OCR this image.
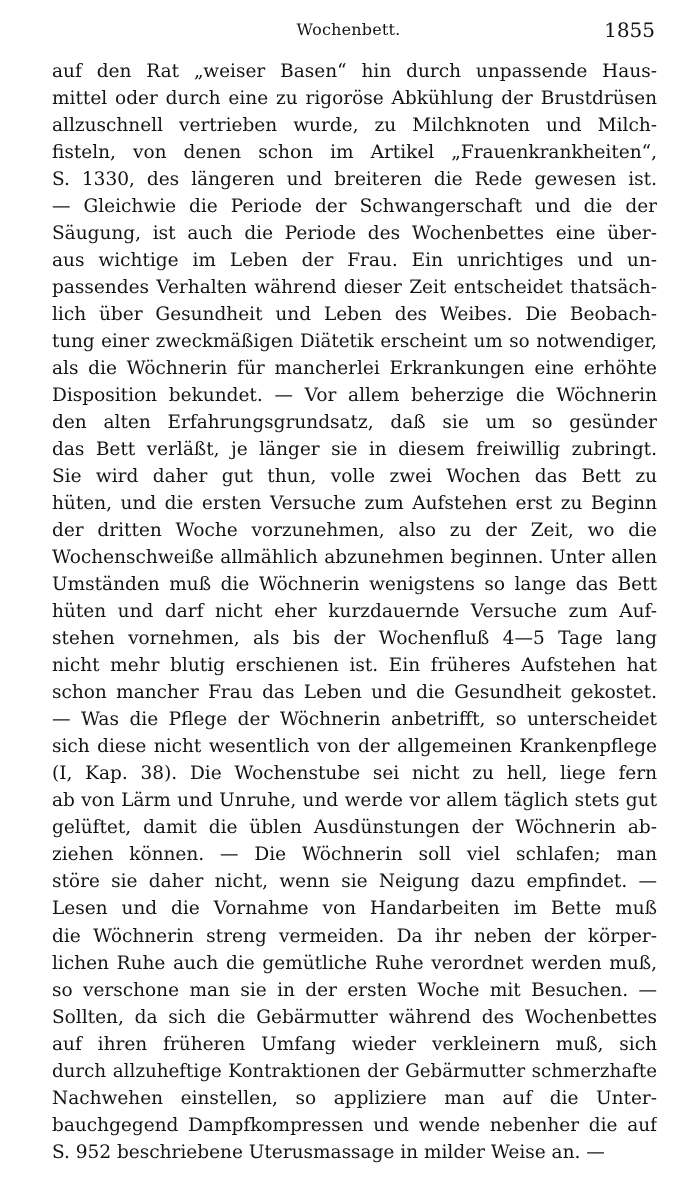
Wochenbett.	1855
auf den Rat „weiser Basen“ hin durch unpassende Haus-
mittel oder durch eine zu rigoröse Abkühlung der Brustdrüsen
allzuschnell vertrieben wurde, zu Milchknoten und Milch-
fisteln, von denen schon im Artikel „Frauenkrankheiten“,
S. 1330, des längeren und breiteren die Rede gewesen ist.
— Gleichwie die Periode der Schwangerschaft und die der
Säugung, ist auch die Periode des Wochenbettes eine über-
aus wichtige im Leben der Frau. Ein unrichtiges und un-
passendes Verhalten während dieser Zeit entscheidet thatsäch-
lich über Gesundheit und Leben des Weibes. Die Beobach-
tung einer zweckmäßigen Diätetik erscheint um so notwendiger,
als die Wöchnerin für mancherlei Erkrankungen eine erhöhte
Disposition bekundet. — Vor allem beherzige die Wöchnerin
den alten Erfahrungsgrundsatz, daß sie um so gesünder
das Bett verläßt, je länger sie in diesem freiwillig zubringt.
Sie wird daher gut thun, volle zwei Wochen das Bett zu
hüten, und die ersten Versuche zum Aufstehen erst zu Beginn
der dritten Woche vorzunehmen, also zu der Zeit, wo die
Wochenschweiße allmählich abzunehmen beginnen. Unter allen
Umständen muß die Wöchnerin wenigstens so lange das Bett
hüten und darf nicht eher kurzdauernde Versuche zum Auf-
stehen vornehmen, als bis der Wochenfluß 4—5 Tage lang
nicht mehr blutig erschienen ist. Ein früheres Aufstehen hat
schon mancher Frau das Leben und die Gesundheit gekostet.
— Was die Pflege der Wöchnerin anbetrifft, so unterscheidet
sich diese nicht wesentlich von der allgemeinen Krankenpflege
(I, Kap. 38). Die Wochenstube sei nicht zu hell, liege fern
ab von Lärm und Unruhe, und werde vor allem täglich stets gut
gelüftet, damit die üblen Ausdünstungen der Wöchnerin ab-
ziehen können. — Die Wöchnerin soll viel schlafen; man
störe sie daher nicht, wenn sie Neigung dazu empfindet. —
Lesen und die Vornahme von Handarbeiten im Bette muß
die Wöchnerin streng vermeiden. Da ihr neben der körper-
lichen Ruhe auch die gemütliche Ruhe verordnet werden muß,
so verschone man sie in der ersten Woche mit Besuchen. —
Sollten, da sich die Gebärmutter während des Wochenbettes
auf ihren früheren Umfang wieder verkleinern muß, sich
durch allzuheftige Kontraktionen der Gebärmutter schmerzhafte
Nachwehen einstellen, so appliziere man auf die Unter-
bauchgegend Dampfkompressen und wende nebenher die auf
S. 952 beschriebene Uterusmassage in milder Weise an. —
